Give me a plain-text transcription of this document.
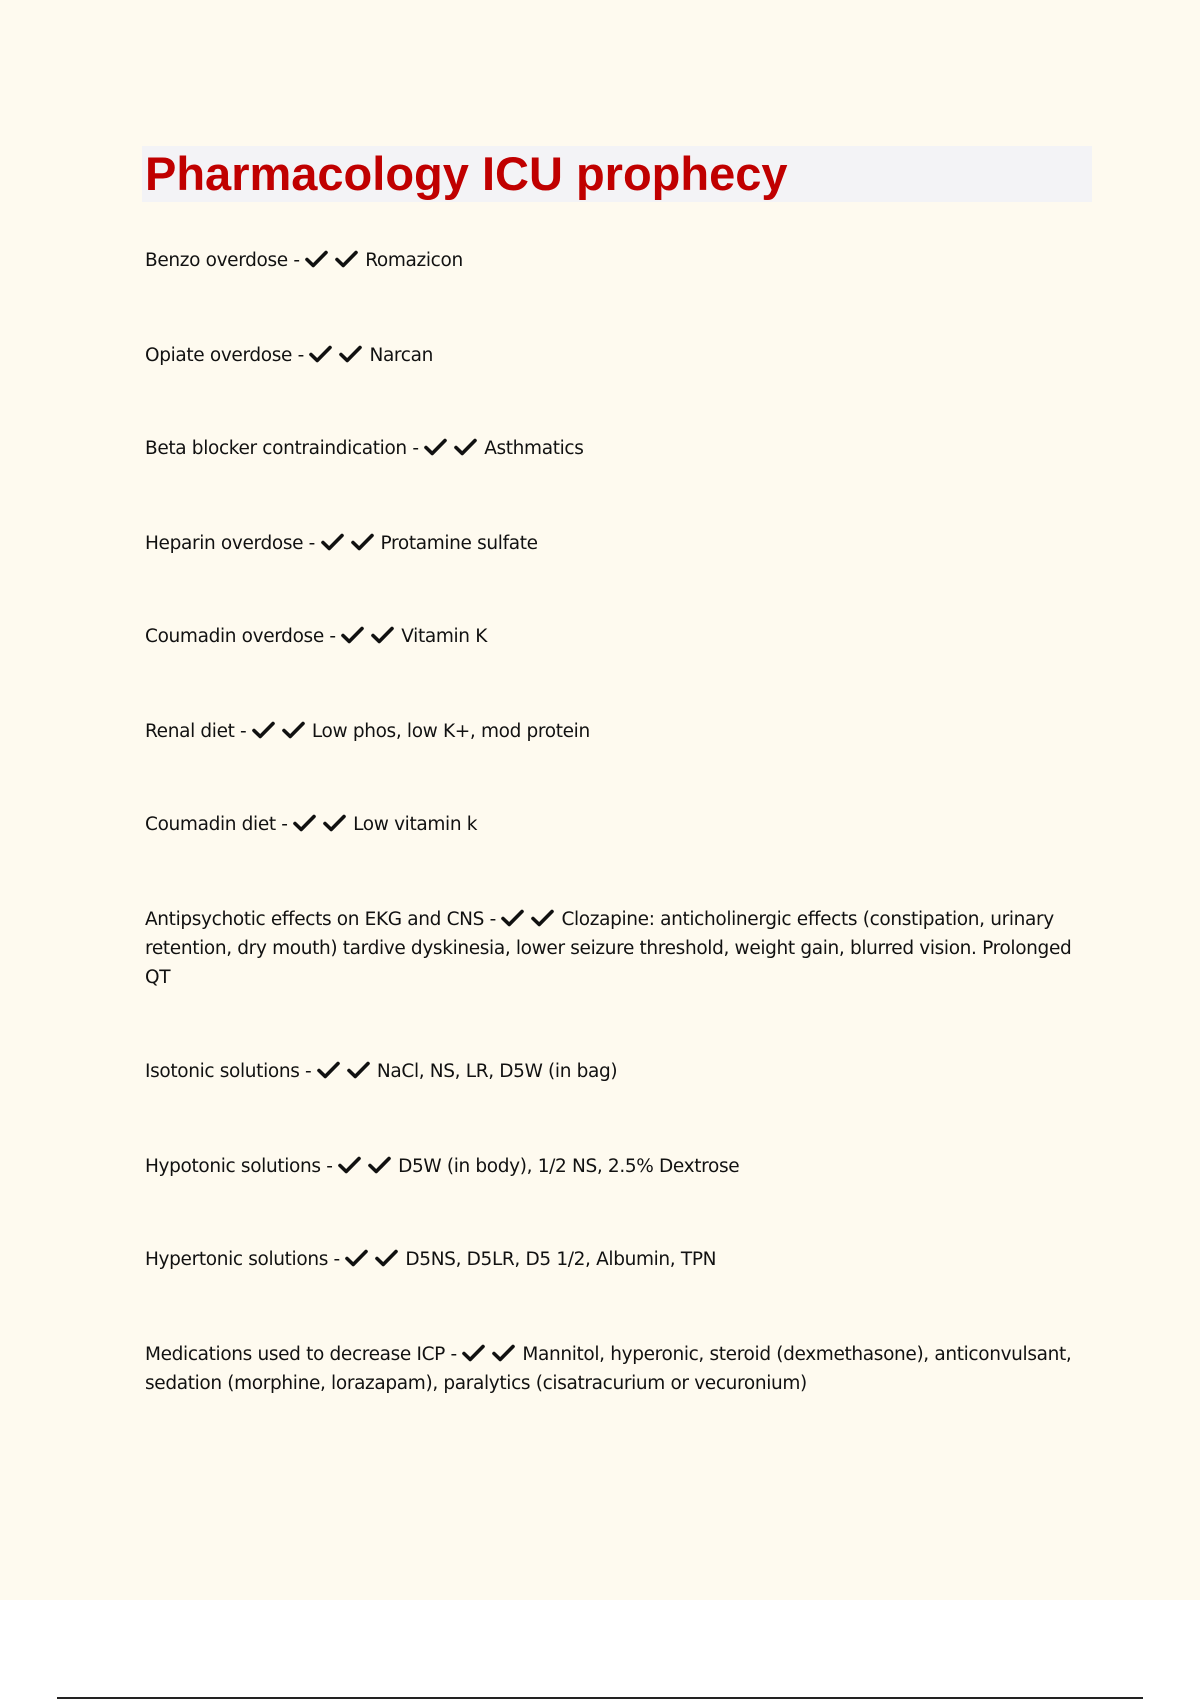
Pharmacology ICU prophecy
Benzo overdose -	Romazicon
Opiate overdose -	Narcan
Beta blocker contraindication -	Asthmatics
Heparin overdose -	Protamine sulfate
Coumadin overdose -	Vitamin K
Renal diet -	Low phos, low K+, mod protein
Coumadin diet -	Low vitamin k
Antipsychotic effects on EKG and CNS -	Clozapine: anticholinergic effects (constipation, urinary retention, dry mouth) tardive dyskinesia, lower seizure threshold, weight gain, blurred vision. Prolonged QT
Isotonic solutions -	NaCl, NS, LR, D5W (in bag)
Hypotonic solutions -	D5W (in body), 1/2 NS, 2.5% Dextrose
Hypertonic solutions -	D5NS, D5LR, D5 1/2, Albumin, TPN
Medications used to decrease ICP -	Mannitol, hyperonic, steroid (dexmethasone), anticonvulsant, sedation (morphine, lorazapam), paralytics (cisatracurium or vecuronium)
